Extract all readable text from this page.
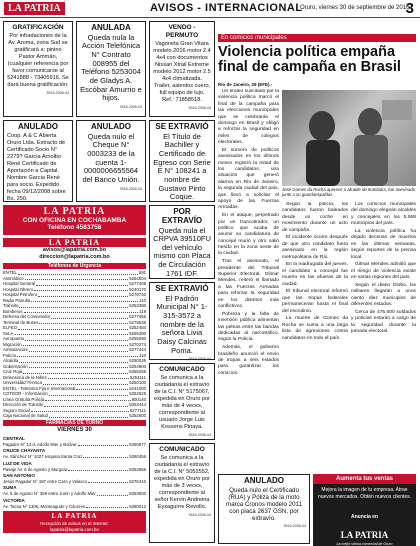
LA PATRIA	AVISOS - INTERNACIONAL
Oruro, viernes 30 de septiembre de 2016
3
GRATIFICACIÓN
Por infradaciones de la Av. Aroma, zona Sud se gratificará a: pinino Pastor Ammán, (cualquier referencia por favor comunicarse al 5241888 - 73405916. Se dará buena gratificación.
5516-2006-04
ANULADA
Queda nula la Acción Telefónica N° Contrato 008955 del Teléfono 5253004 de Gladys A. Escóbar Amurrio e hijos.
3918-2006-04
VENDO - PERMUTO
Vagoneta Gran Vitara modelo 2016 motor 2.4 4x4 con documentos Nissan Xtrail Extreme modelo 2012 motor 2.5 4x4 climatizada. Trailer, asientos cuero, full equipo de lujo. Ref.: 71858518.
5516-2006-04
ANULADO
Coop. A & C Abierta Oruro Ltda. Extracto de Certificado Socio N° 2279? Garcia Arnolbo René Certificado de Aportación a Capital. Nombre Garcia René para socio. Expedido fecha 09/12/2008 sobre Bs. 250.
ANULADO
Queda nulo el Cheque N° 0003233 de la cuenta 1-0000006655564 del Banco Unión.
3918-2006-04
SE EXTRAVIÓ
El Título de Bachiller y Certificado de Egreso con Serie E N° 108241 a nombre de Gustavo Pinto Coque.
LA PATRIA
CON OFICINA EN COCHABAMBA
Teléfono 4583758
POR EXTRAVÍO
Queda nula el CRPVA 39510FU del vehículo mismo con Placa de Circulación 1761 IDF.
LA PATRIA
avisos@lapatria.com.bo
direccion@lapatria.com.bo
Teléfonos de Urgencia
ENTEL	591
Antirrábico	5254004
Hospital General	5277408
Hospital Obrero	5240170
Hospital Petrolero	5278740
Radio Patrulla	110
Tránsito	5253380
Bomberos	119
Defensa del Consumidor	5277455
Terminal de Buses	5279535
ELFEO	5252484
SeLA	5255390
Aeropuerto	5255090
Migración	5270274
Ambulancias	5277444
Policía	110
Alcaldía	5250035
Gobernación	5254800
Cruz Roja	5255255
Defensoría de la Niñez	5254111
Universidad Técnica	5250100
ENTEL - Telefonía Fija e Internacional	5241000
COTEOR - Información	5252525
Línea Gratuita Policía	800140
Dirección de Tránsito	5254444
Seguro Social	5277111
Caja Nacional de Salud	5252600
FARMACIAS DE TURNO
VIERNES 30
CENTRAL
Pagador N° 13 d. Adolfo Mier y Bolívar	5250877
CRUCE CHAYANTA
Av. Sánchez N° 1027 esquina Santa Cruz	5260456
LUZ DE VIDA
Pasaje Av. 6 de Agosto y Murguía	5252866
SAN ANTONIO
Jesús Pagador N° 187 entre Caro y Velasco	5276410
SUMA
Av. 6 de Agosto N° 359 entre Junín y Adolfo Mier	5253500
VICTORIA
Av. Tacna N° 1306, Monteagudo y Cáceres	5280012
LA PATRIA
Recepción de avisos en el Internet:
lapatria@lapatria.com.bo
SE EXTRAVIÓ
El Padrón Municipal N° 1-315-3572 a nombre de la señora Livia Daisy Calcinas Poma.
5516-2006-04
COMUNICADO
Se comunica a la ciudadanía el extravío de la C.I. N° 5175067, expedida en Oruro por más de 4 veces, correspondiente al usuario Jorge Luis Kossens Pinaya.
5516-2006-04
COMUNICADO
Se comunica a la ciudadanía el extravío de la C.I. N° 5052552, expedida en Oruro por más de 3 veces, correspondiente al señor Kervin Andreina Eyzaguirre Revollo.
5516-2006-04
En comicios municipales
Violencia política empaña final de campaña en Brasil
Río de Janeiro, 29 (EFE).-

Un tiroteo suscitado por la violencia política marcó el final de la campaña para las elecciones municipales que se celebrarán el domingo en Brasil y obligó a reforzar la seguridad en miles de colegios electorales.

El número de políticos asesinados en los últimos meses registró la mitad de los candidatos, una situación que generó alarma en Río de Janeiro, la segunda ciudad del país, que llevó a solicitar el apoyo de las Fuerzas Armadas.

En el ataque, perpetrado por un francotirador, un político que acaba de asumir su candidatura de concejal murió y otro salió herido en la zona oeste de la ciudad.

Tras el asesinato, el presidente del Tribunal Superior Electoral, Gilmar Mendes, reiteró el llamado a las Fuerzas Armadas para reforzar la seguridad en los distritos más conflictivos.

Pobreza y la falta de inversión pública alimentan las peleas entre las bandas dedicadas al narcotráfico, según la Policía.

Además, el gobierno brasileño anunció el envío de tropas a seis estados para garantizar los comicios.

José Gomes da Rocha aparece a alcalde de Itumbiara, fue asesinado junto a su guardaespaldas

Según la policía, los candidatos fueron baleados desde un coche en movimiento durante un acto de campaña.

El incidente ocurre después de que otro candidato fuera asesinado en la región metropolitana de Río.

En la madrugada del jueves, el candidato a concejal fue muerto en las afueras de la ciudad.

El tribunal electoral informó que las tropas federales permanecerán hasta el final del escrutinio.

La muerte de Gomes da Rocha se suma a una larga lista de agresiones contra candidatos en todo el país.

Los comicios municipales del domingo elegirán alcaldes y concejales en los 5.568 municipios del país.

La violencia política ha dejado decenas de muertos en las últimas semanas, según reportes de la prensa local.

Gilmar Mendes admitió que el riesgo de violencia existe en varias regiones del país.

Según el diario Globo, los militares llegarán a unos ciento diez municipios de diferentes estados.

Cerca de 475.000 soldados y policías estarán a cargo de la seguridad durante la jornada electoral.

ANULADO
Queda nulo el Certificado (RUA) y Póliza de la moto marca Cronos modelo 2011 con placa 2637 GSN, por extravío.
5516-2006-04
Aumenta tus ventas
Mejora la imagen de tu empresa. Atrae nuevos mercados. Obtén nuevos clientes.
Anuncia en
LA PATRIA
La mejor vitrina comercial de Oruro
